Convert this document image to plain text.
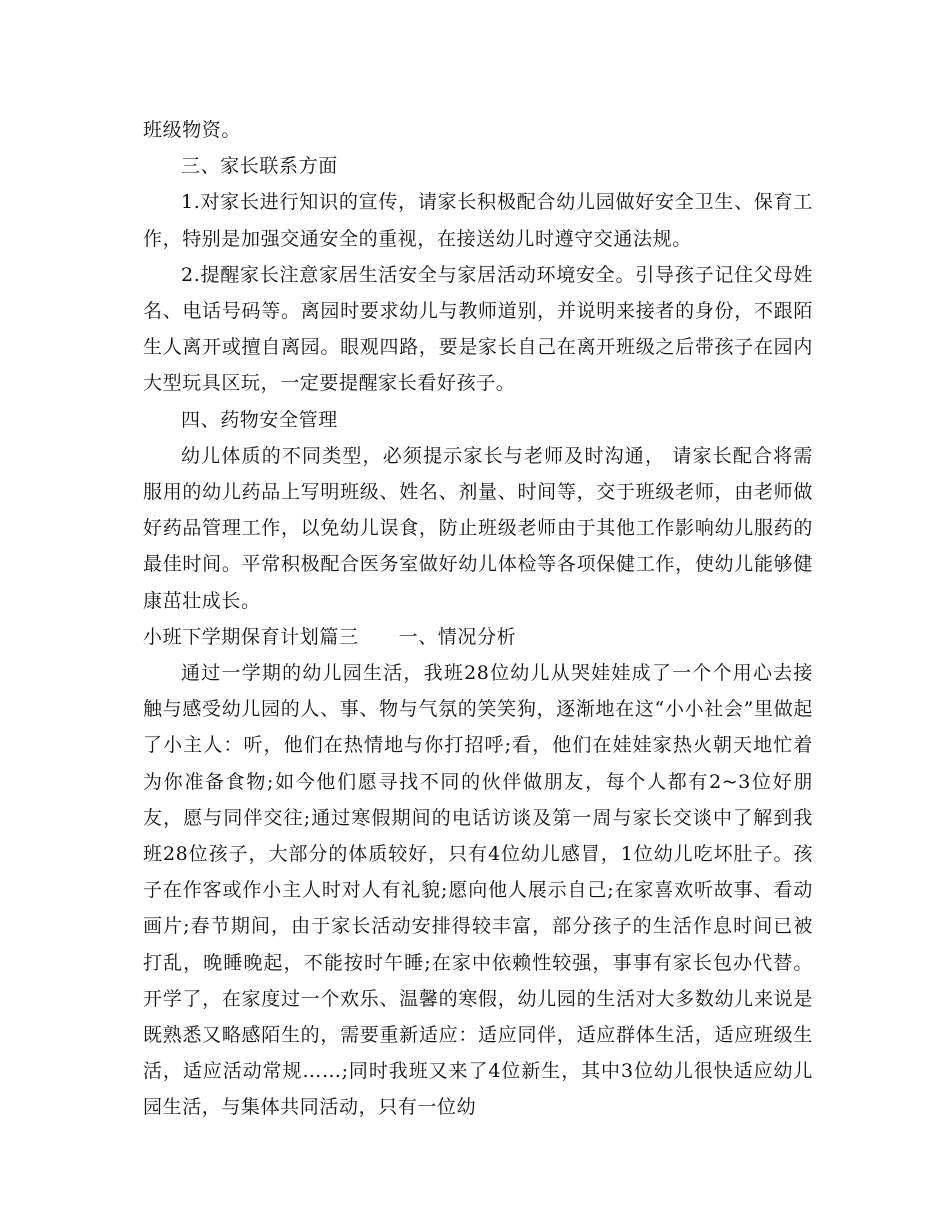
班级物资。

三、家长联系方面

1.对家长进行知识的宣传，请家长积极配合幼儿园做好安全卫生、保育工作，特别是加强交通安全的重视，在接送幼儿时遵守交通法规。

2.提醒家长注意家居生活安全与家居活动环境安全。引导孩子记住父母姓名、电话号码等。离园时要求幼儿与教师道别，并说明来接者的身份，不跟陌生人离开或擅自离园。眼观四路，要是家长自己在离开班级之后带孩子在园内大型玩具区玩，一定要提醒家长看好孩子。

四、药物安全管理

幼儿体质的不同类型，必须提示家长与老师及时沟通， 请家长配合将需服用的幼儿药品上写明班级、姓名、剂量、时间等，交于班级老师，由老师做好药品管理工作，以免幼儿误食，防止班级老师由于其他工作影响幼儿服药的最佳时间。平常积极配合医务室做好幼儿体检等各项保健工作，使幼儿能够健康茁壮成长。

小班下学期保育计划篇三 一、情况分析

通过一学期的幼儿园生活，我班28位幼儿从哭娃娃成了一个个用心去接触与感受幼儿园的人、事、物与气氛的笑笑狗，逐渐地在这“小小社会”里做起了小主人：听，他们在热情地与你打招呼;看，他们在娃娃家热火朝天地忙着为你准备食物;如今他们愿寻找不同的伙伴做朋友，每个人都有2~3位好朋友，愿与同伴交往;通过寒假期间的电话访谈及第一周与家长交谈中了解到我班28位孩子，大部分的体质较好，只有4位幼儿感冒，1位幼儿吃坏肚子。孩子在作客或作小主人时对人有礼貌;愿向他人展示自己;在家喜欢听故事、看动画片;春节期间，由于家长活动安排得较丰富，部分孩子的生活作息时间已被打乱，晚睡晚起，不能按时午睡;在家中依赖性较强，事事有家长包办代替。开学了，在家度过一个欢乐、温馨的寒假，幼儿园的生活对大多数幼儿来说是既熟悉又略感陌生的，需要重新适应：适应同伴，适应群体生活，适应班级生活，适应活动常规……;同时我班又来了4位新生，其中3位幼儿很快适应幼儿园生活，与集体共同活动，只有一位幼
